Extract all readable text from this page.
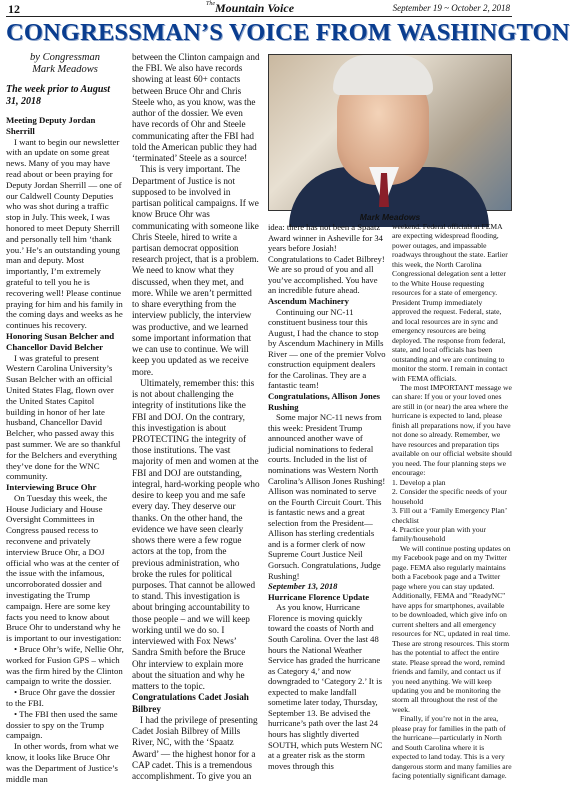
12	$^{The}$Mountain Voice	September 19 ~ October 2, 2018
CONGRESSMAN’S VOICE FROM WASHINGTON
by Congressman
Mark Meadows
The week prior to August 31, 2018
Meeting Deputy Jordan Sherrill

I want to begin our newsletter with an update on some great news. Many of you may have read about or been praying for Deputy Jordan Sherrill — one of our Caldwell County Deputies who was shot during a traffic stop in July. This week, I was honored to meet Deputy Sherrill and personally tell him ‘thank you.’ He’s an outstanding young man and deputy. Most importantly, I’m extremely grateful to tell you he is recovering well! Please continue praying for him and his family in the coming days and weeks as he continues his recovery.

Honoring Susan Belcher and Chancellor David Belcher

I was grateful to present Western Carolina University’s Susan Belcher with an official United States Flag, flown over the United States Capitol building in honor of her late husband, Chancellor David Belcher, who passed away this past summer. We are so thankful for the Belchers and everything they’ve done for the WNC community.

Interviewing Bruce Ohr

On Tuesday this week, the House Judiciary and House Oversight Committees in Congress paused recess to reconvene and privately interview Bruce Ohr, a DOJ official who was at the center of the issue with the infamous, uncorroborated dossier and investigating the Trump campaign. Here are some key facts you need to know about Bruce Ohr to understand why he is important to our investigation:

• Bruce Ohr’s wife, Nellie Ohr, worked for Fusion GPS – which was the firm hired by the Clinton campaign to write the dossier.

• Bruce Ohr gave the dossier to the FBI.

• The FBI then used the same dossier to spy on the Trump campaign.

In other words, from what we know, it looks like Bruce Ohr was the Department of Justice’s middle man

between the Clinton campaign and the FBI. We also have records showing at least 60+ contacts between Bruce Ohr and Chris Steele who, as you know, was the author of the dossier. We even have records of Ohr and Steele communicating after the FBI had told the American public they had ‘terminated’ Steele as a source!

This is very important. The Department of Justice is not supposed to be involved in partisan political campaigns. If we know Bruce Ohr was communicating with someone like Chris Steele, hired to write a partisan democrat opposition research project, that is a problem. We need to know what they discussed, when they met, and more. While we aren’t permitted to share everything from the interview publicly, the interview was productive, and we learned some important information that we can use to continue. We will keep you updated as we receive more.

Ultimately, remember this: this is not about challenging the integrity of institutions like the FBI and DOJ. On the contrary, this investigation is about PROTECTING the integrity of those institutions. The vast majority of men and women at the FBI and DOJ are outstanding, integral, hard-working people who desire to keep you and me safe every day. They deserve our thanks. On the other hand, the evidence we have seen clearly shows there were a few rogue actors at the top, from the previous administration, who broke the rules for political purposes. That cannot be allowed to stand. This investigation is about bringing accountability to those people – and we will keep working until we do so. I interviewed with Fox News’ Sandra Smith before the Bruce Ohr interview to explain more about the situation and why he matters to the topic.

Congratulations Cadet Josiah Bilbrey

I had the privilege of presenting Cadet Josiah Bilbrey of Mills River, NC, with the ‘Spaatz Award’ — the highest honor for a CAP cadet. This is a tremendous accomplishment. To give you an

Mark Meadows

idea: there has not been a Spaatz Award winner in Asheville for 34 years before Josiah! Congratulations to Cadet Bilbrey! We are so proud of you and all you’ve accomplished. You have an incredible future ahead.

Ascendum Machinery

Continuing our NC-11 constituent business tour this August, I had the chance to stop by Ascendum Machinery in Mills River — one of the premier Volvo construction equipment dealers for the Carolinas. They are a fantastic team!

Congratulations, Allison Jones Rushing

Some major NC-11 news from this week: President Trump announced another wave of judicial nominations to federal courts. Included in the list of nominations was Western North Carolina’s Allison Jones Rushing! Allison was nominated to serve on the Fourth Circuit Court. This is fantastic news and a great selection from the President—Allison has sterling credentials and is a former clerk of now Supreme Court Justice Neil Gorsuch. Congratulations, Judge Rushing!

September 13, 2018
Hurricane Florence Update

As you know, Hurricane Florence is moving quickly toward the coasts of North and South Carolina. Over the last 48 hours the National Weather Service has graded the hurricane as Category 4,’ and now downgraded to ‘Category 2.’ It is expected to make landfall sometime later today, Thursday, September 13. Be advised the hurricane’s path over the last 24 hours has slightly diverted SOUTH, which puts Western NC at a greater risk as the storm moves through this

weekend. Federal officials at FEMA are expecting widespread flooding, power outages, and impassable roadways throughout the state. Earlier this week, the North Carolina Congressional delegation sent a letter to the White House requesting resources for a state of emergency. President Trump immediately approved the request. Federal, state, and local resources are in sync and emergency resources are being deployed. The response from federal, state, and local officials has been outstanding and we are continuing to monitor the storm. I remain in contact with FEMA officials.

The most IMPORTANT message we can share: If you or your loved ones are still in (or near) the area where the hurricane is expected to land, please finish all preparations now, if you have not done so already. Remember, we have resources and preparation tips available on our official website should you need. The four planning steps we encourage:

1. Develop a plan

2. Consider the specific needs of your household

3. Fill out a ‘Family Emergency Plan’ checklist

4. Practice your plan with your family/household

We will continue posting updates on my Facebook page and on my Twitter page. FEMA also regularly maintains both a Facebook page and a Twitter page where you can stay updated. Additionally, FEMA and "ReadyNC" have apps for smartphones, available to be downloaded, which give info on current shelters and all emergency resources for NC, updated in real time. These are strong resources. This storm has the potential to affect the entire state. Please spread the word, remind friends and family, and contact us if you need anything. We will keep updating you and be monitoring the storm all throughout the rest of the week.

Finally, if you’re not in the area, please pray for families in the path of the hurricane—particularly in North and South Carolina where it is expected to land today. This is a very dangerous storm and many families are facing potentially significant damage.
